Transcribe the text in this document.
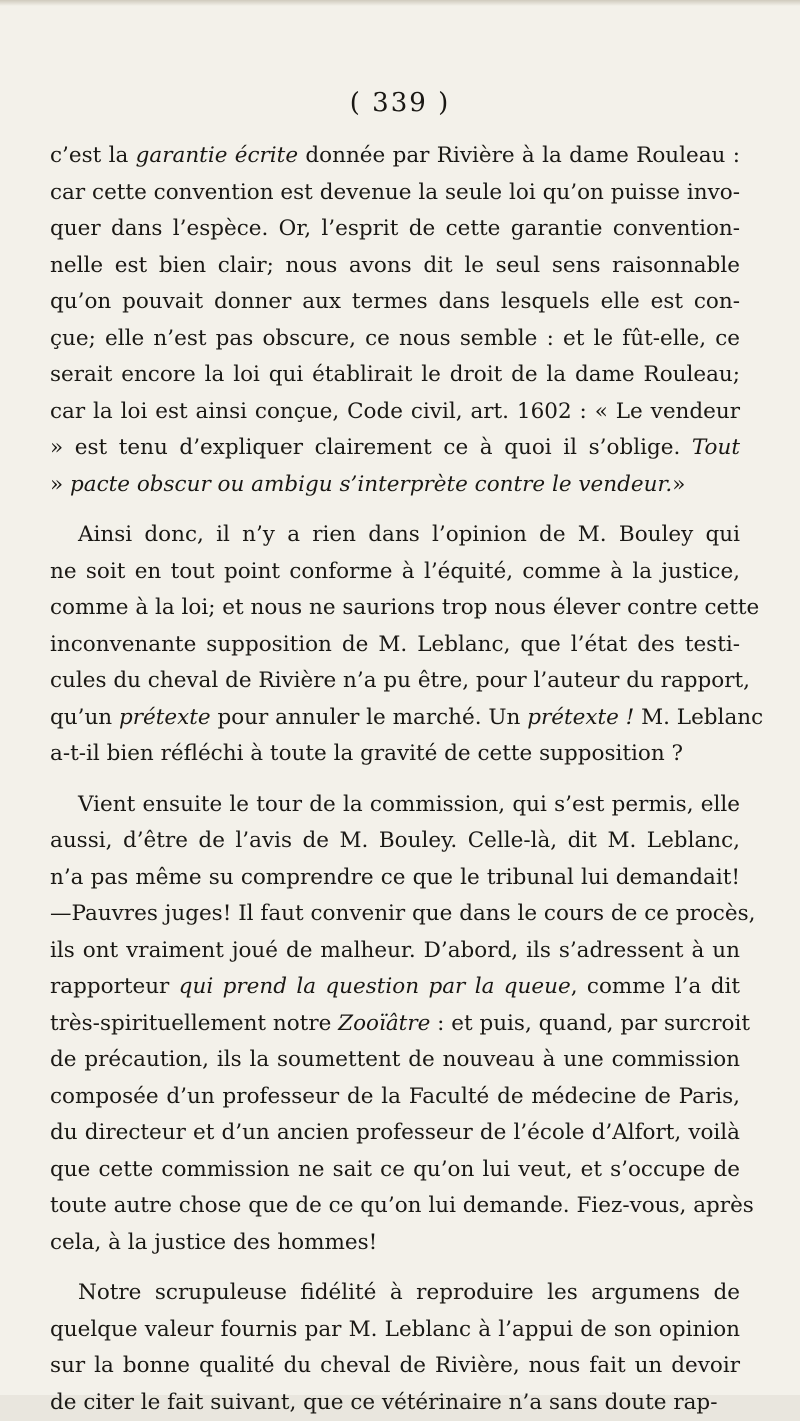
( 339 )
c’est la garantie écrite donnée par Rivière à la dame Rouleau :
car cette convention est devenue la seule loi qu’on puisse invo-
quer dans l’espèce. Or, l’esprit de cette garantie convention-
nelle est bien clair; nous avons dit le seul sens raisonnable
qu’on pouvait donner aux termes dans lesquels elle est con-
çue; elle n’est pas obscure, ce nous semble : et le fût-elle, ce
serait encore la loi qui établirait le droit de la dame Rouleau;
car la loi est ainsi conçue, Code civil, art. 1602 : « Le vendeur
» est tenu d’expliquer clairement ce à quoi il s’oblige. Tout
» pacte obscur ou ambigu s’interprète contre le vendeur.»
Ainsi donc, il n’y a rien dans l’opinion de M. Bouley qui
ne soit en tout point conforme à l’équité, comme à la justice,
comme à la loi; et nous ne saurions trop nous élever contre cette
inconvenante supposition de M. Leblanc, que l’état des testi-
cules du cheval de Rivière n’a pu être, pour l’auteur du rapport,
qu’un prétexte pour annuler le marché. Un prétexte ! M. Leblanc
a-t-il bien réfléchi à toute la gravité de cette supposition ?
Vient ensuite le tour de la commission, qui s’est permis, elle
aussi, d’être de l’avis de M. Bouley. Celle-là, dit M. Leblanc,
n’a pas même su comprendre ce que le tribunal lui demandait!
—Pauvres juges! Il faut convenir que dans le cours de ce procès,
ils ont vraiment joué de malheur. D’abord, ils s’adressent à un
rapporteur qui prend la question par la queue, comme l’a dit
très-spirituellement notre Zooïâtre : et puis, quand, par surcroit
de précaution, ils la soumettent de nouveau à une commission
composée d’un professeur de la Faculté de médecine de Paris,
du directeur et d’un ancien professeur de l’école d’Alfort, voilà
que cette commission ne sait ce qu’on lui veut, et s’occupe de
toute autre chose que de ce qu’on lui demande. Fiez-vous, après
cela, à la justice des hommes!
Notre scrupuleuse fidélité à reproduire les argumens de
quelque valeur fournis par M. Leblanc à l’appui de son opinion
sur la bonne qualité du cheval de Rivière, nous fait un devoir
de citer le fait suivant, que ce vétérinaire n’a sans doute rap-
